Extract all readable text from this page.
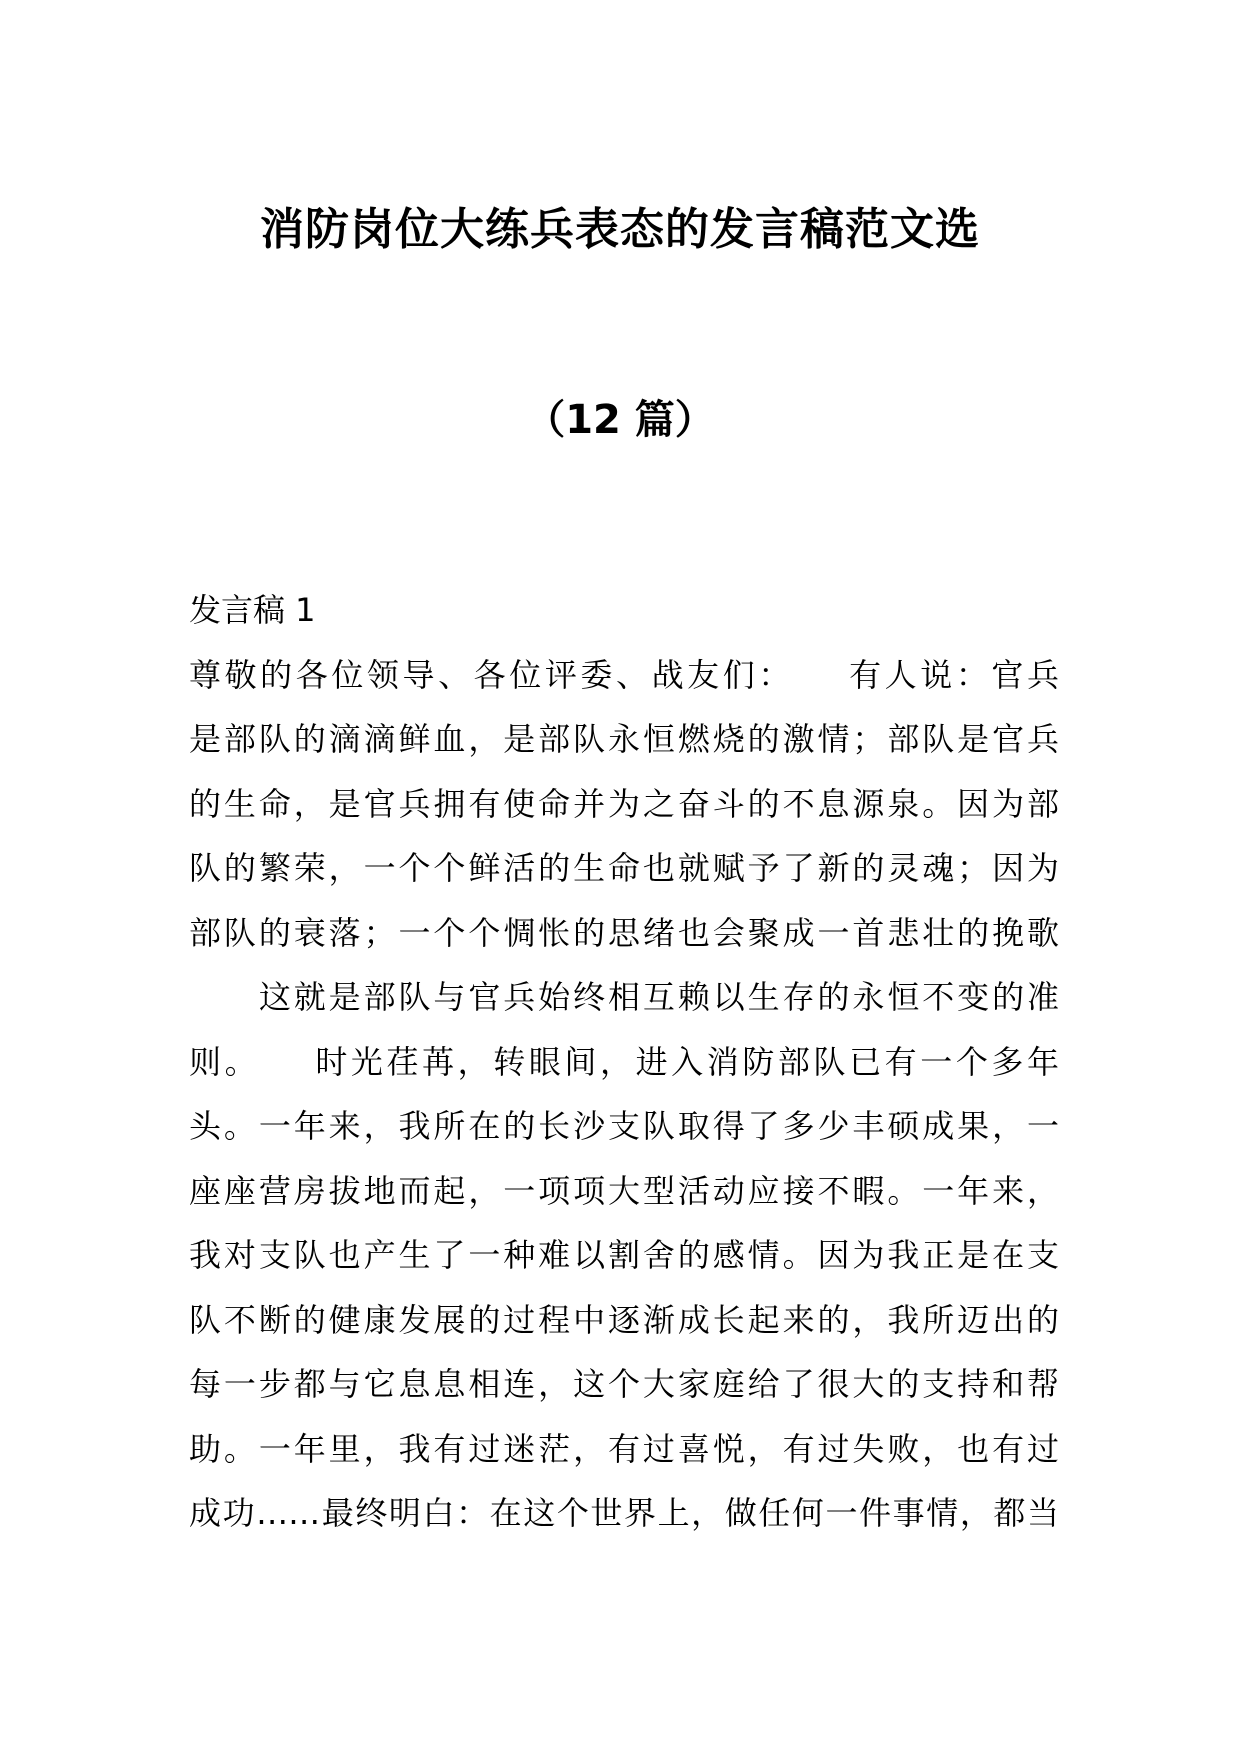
消防岗位大练兵表态的发言稿范文选
（12 篇）
发言稿 1
尊敬的各位领导、各位评委、战友们：　　有人说：官兵
是部队的滴滴鲜血，是部队永恒燃烧的激情；部队是官兵
的生命，是官兵拥有使命并为之奋斗的不息源泉。因为部
队的繁荣，一个个鲜活的生命也就赋予了新的灵魂；因为
部队的衰落；一个个惆怅的思绪也会聚成一首悲壮的挽歌
　　这就是部队与官兵始终相互赖以生存的永恒不变的准
则。　　时光荏苒，转眼间，进入消防部队已有一个多年
头。一年来，我所在的长沙支队取得了多少丰硕成果，一
座座营房拔地而起，一项项大型活动应接不暇。一年来，
我对支队也产生了一种难以割舍的感情。因为我正是在支
队不断的健康发展的过程中逐渐成长起来的，我所迈出的
每一步都与它息息相连，这个大家庭给了很大的支持和帮
助。一年里，我有过迷茫，有过喜悦，有过失败，也有过
成功……最终明白：在这个世界上，做任何一件事情，都当
